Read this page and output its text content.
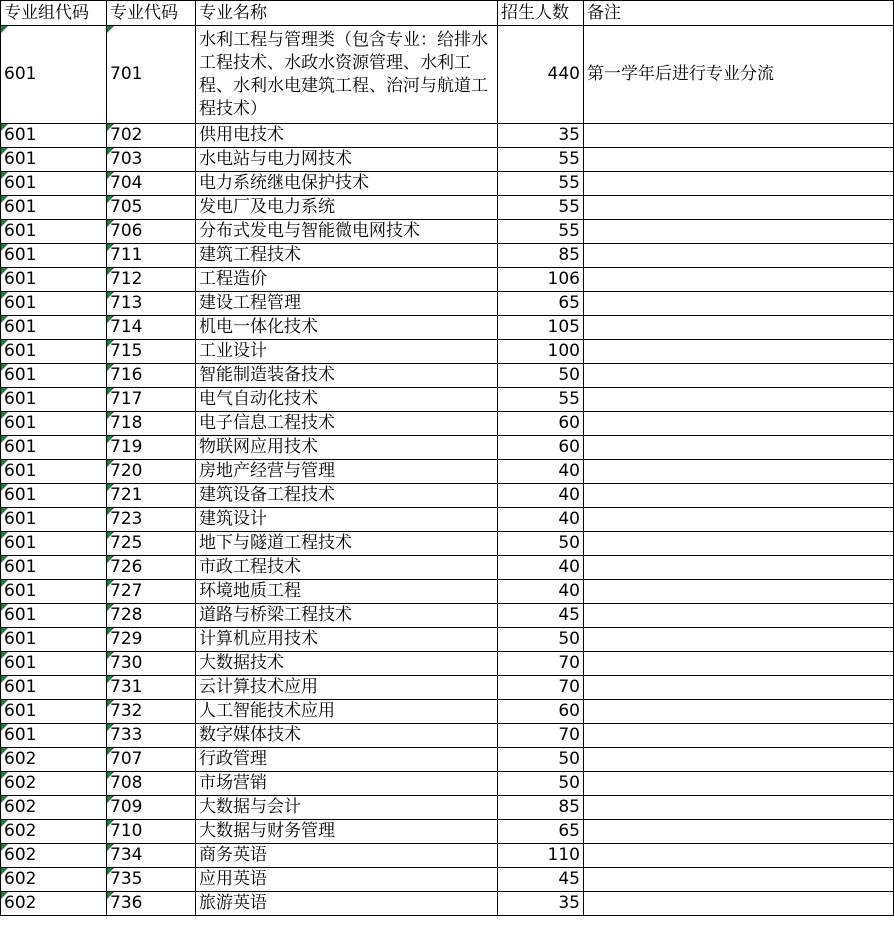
专业组代码	专业代码	专业名称	招生人数	备注
601	701	水利工程与管理类（包含专业：给排水工程技术、水政水资源管理、水利工程、水利水电建筑工程、治河与航道工程技术）	440	第一学年后进行专业分流
601	702	供用电技术	35	
601	703	水电站与电力网技术	55	
601	704	电力系统继电保护技术	55	
601	705	发电厂及电力系统	55	
601	706	分布式发电与智能微电网技术	55	
601	711	建筑工程技术	85	
601	712	工程造价	106	
601	713	建设工程管理	65	
601	714	机电一体化技术	105	
601	715	工业设计	100	
601	716	智能制造装备技术	50	
601	717	电气自动化技术	55	
601	718	电子信息工程技术	60	
601	719	物联网应用技术	60	
601	720	房地产经营与管理	40	
601	721	建筑设备工程技术	40	
601	723	建筑设计	40	
601	725	地下与隧道工程技术	50	
601	726	市政工程技术	40	
601	727	环境地质工程	40	
601	728	道路与桥梁工程技术	45	
601	729	计算机应用技术	50	
601	730	大数据技术	70	
601	731	云计算技术应用	70	
601	732	人工智能技术应用	60	
601	733	数字媒体技术	70	
602	707	行政管理	50	
602	708	市场营销	50	
602	709	大数据与会计	85	
602	710	大数据与财务管理	65	
602	734	商务英语	110	
602	735	应用英语	45	
602	736	旅游英语	35	
